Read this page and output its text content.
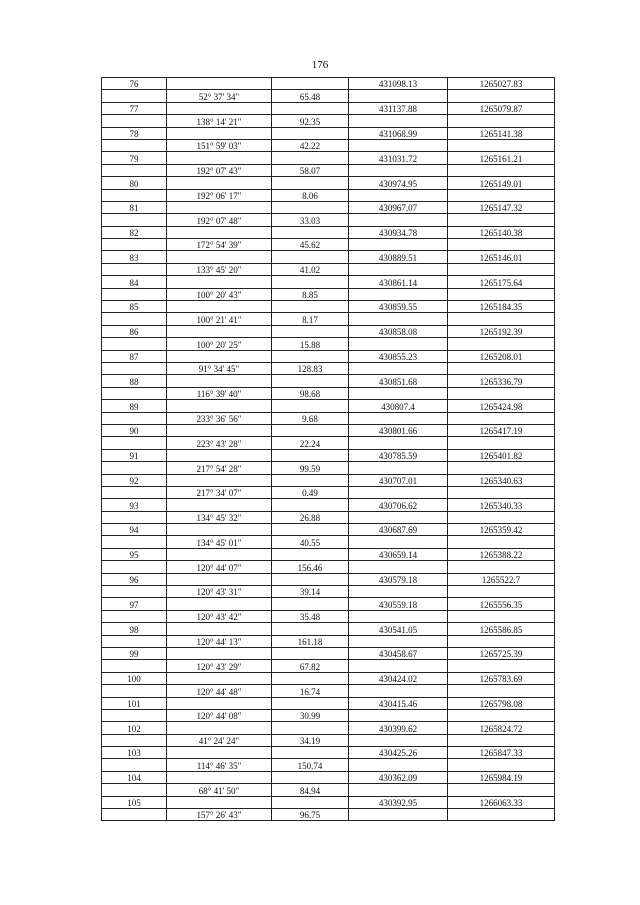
176
76			431098.13	1265027.83
	52° 37' 34"	65.48		
77			431137.88	1265079.87
	138° 14' 21"	92.35		
78			431068.99	1265141.38
	151° 59' 03"	42.22		
79			431031.72	1265161.21
	192° 07' 43"	58.07		
80			430974.95	1265149.01
	192° 06' 17"	8.06		
81			430967.07	1265147.32
	192° 07' 48"	33.03		
82			430934.78	1265140.38
	172° 54' 39"	45.62		
83			430889.51	1265146.01
	133° 45' 20"	41.02		
84			430861.14	1265175.64
	100° 20' 43"	8.85		
85			430859.55	1265184.35
	100° 21' 41"	8.17		
86			430858.08	1265192.39
	100° 20' 25"	15.88		
87			430855.23	1265208.01
	91° 34' 45"	128.83		
88			430851.68	1265336.79
	116° 39' 40"	98.68		
89			430807.4	1265424.98
	233° 36' 56"	9.68		
90			430801.66	1265417.19
	223° 43' 28"	22.24		
91			430785.59	1265401.82
	217° 54' 28"	99.59		
92			430707.01	1265340.63
	217° 34' 07"	0.49		
93			430706.62	1265340.33
	134° 45' 32"	26.88		
94			430687.69	1265359.42
	134° 45' 01"	40.55		
95			430659.14	1265388.22
	120° 44' 07"	156.46		
96			430579.18	1265522.7
	120° 43' 31"	39.14		
97			430559.18	1265556.35
	120° 43' 42"	35.48		
98			430541.05	1265586.85
	120° 44' 13"	161.18		
99			430458.67	1265725.39
	120° 43' 29"	67.82		
100			430424.02	1265783.69
	120° 44' 48"	16.74		
101			430415.46	1265798.08
	120° 44' 08"	30.99		
102			430399.62	1265824.72
	41° 24' 24"	34.19		
103			430425.26	1265847.33
	114° 46' 35"	150.74		
104			430362.09	1265984.19
	68° 41' 50"	84.94		
105			430392.95	1266063.33
	157° 26' 43"	96.75		
